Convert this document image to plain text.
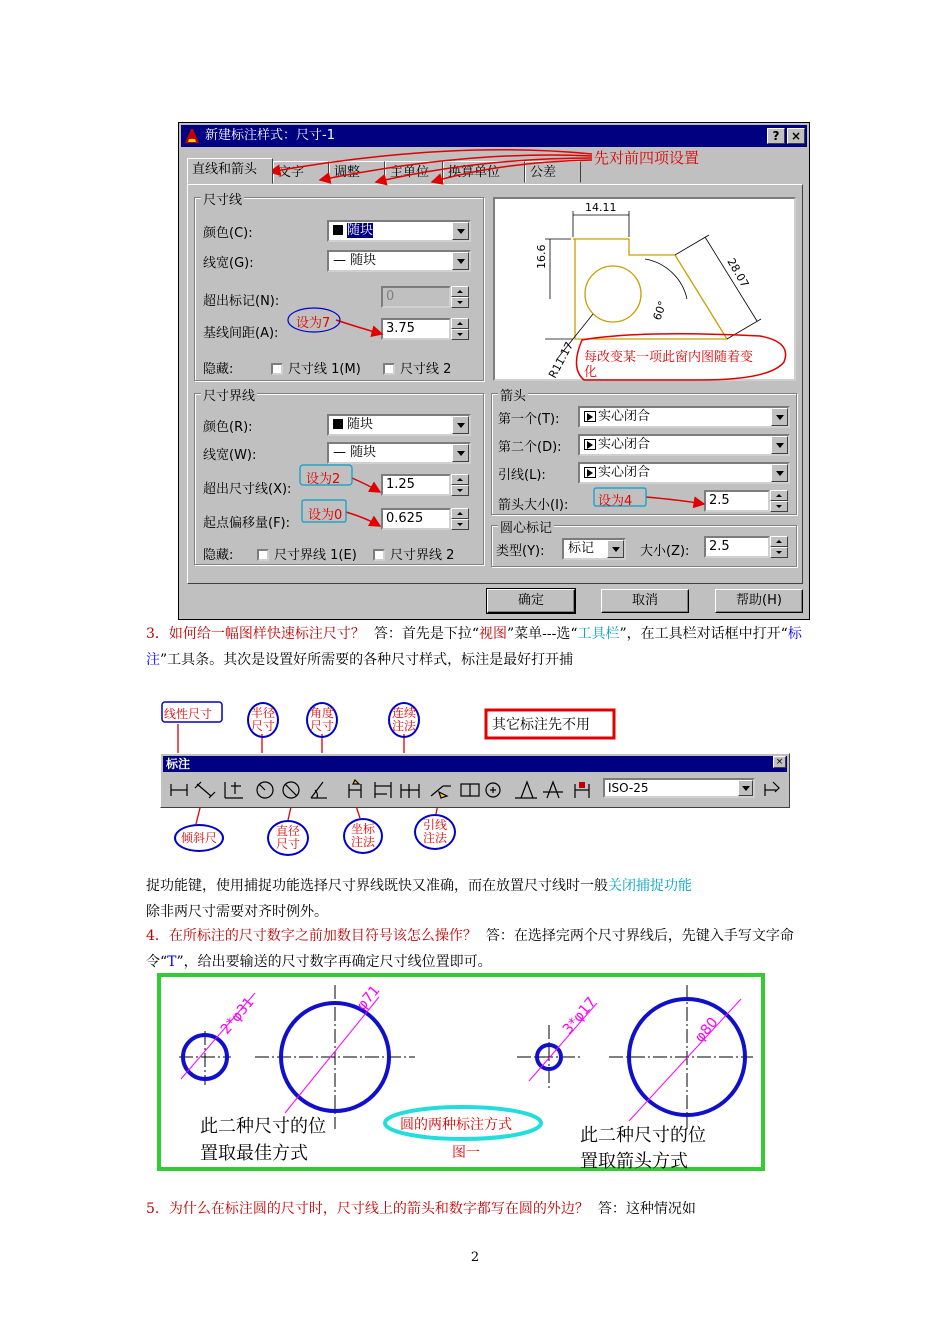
新建标注样式：尺寸-1	? ×
直线和箭头	文字	调整	主单位	换算单位	公差
尺寸线
颜色(C):	随块
线宽(G):	— 随块
超出标记(N):	0
基线间距(A):	3.75
隐藏:	尺寸线 1(M)	尺寸线 2
尺寸界线
颜色(R):	随块
线宽(W):	— 随块
超出尺寸线(X):	1.25
起点偏移量(F):	0.625
隐藏:	尺寸界线 1(E)	尺寸界线 2
14.11
16.6	28.07
60°
R11.17
箭头
第一个(T):	实心闭合
第二个(D):	实心闭合
引线(L):	实心闭合
箭头大小(I):	2.5
圆心标记
类型(Y):	标记	大小(Z):	2.5
确定	取消	帮助(H)
先对前四项设置
设为7
设为2
设为0
设为4
每改变某一项此窗内图随着变
化
3．如何给一幅图样快速标注尺寸？ 答：首先是下拉“视图”菜单---选“工具栏”，在工具栏对话框中打开“标注”工具条。其次是设置好所需要的各种尺寸样式，标注是最好打开捕
线性尺寸	半径尺寸
角度尺寸
连续注法	其它标注先不用
标注	×
ISO-25
倾斜尺	直径尺寸
坐标注法
引线注法
捉功能键，使用捕捉功能选择尺寸界线既快又准确，而在放置尺寸线时一般关闭捕捉功能
除非两尺寸需要对齐时例外。
4．在所标注的尺寸数字之前加数目符号该怎么操作？ 答：在选择完两个尺寸界线后，先键入手写文字命令“T”，给出要输送的尺寸数字再确定尺寸线位置即可。
2*φ31	φ71	3*φ17	φ80
此二种尺寸的位
置取最佳方式
圆的两种标注方式
图一
此二种尺寸的位
置取箭头方式
5．为什么在标注圆的尺寸时，尺寸线上的箭头和数字都写在圆的外边？ 答：这种情况如
2
